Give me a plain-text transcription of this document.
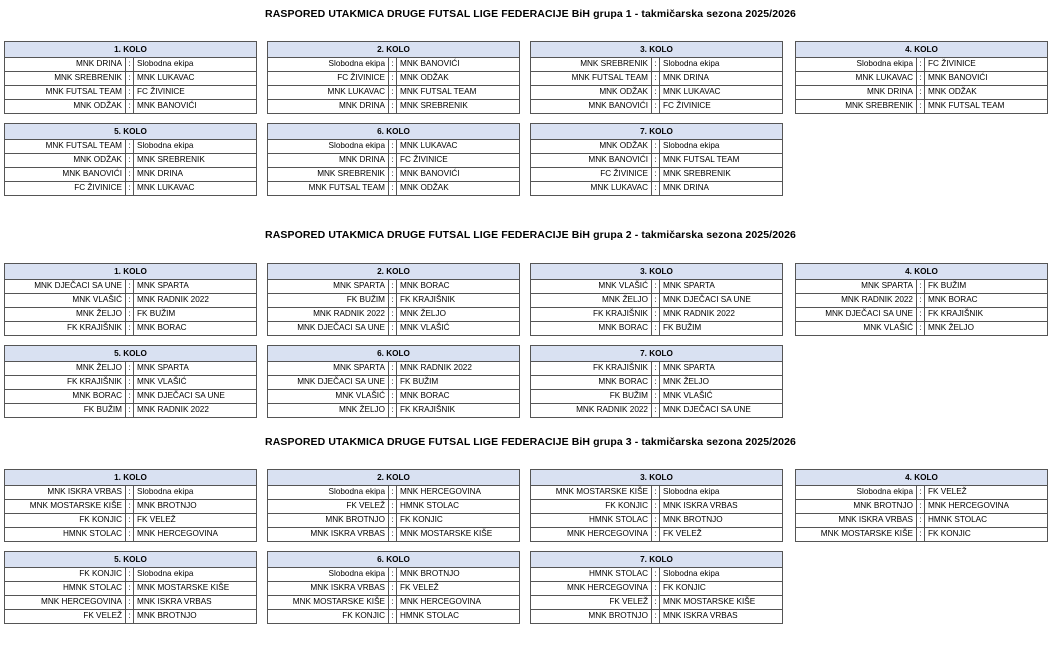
RASPORED UTAKMICA DRUGE FUTSAL LIGE FEDERACIJE BiH grupa 1 - takmičarska sezona 2025/2026
1. KOLO		
MNK DRINA	:	Slobodna ekipa
MNK SREBRENIK	:	MNK LUKAVAC
MNK FUTSAL TEAM	:	FC ŽIVINICE
MNK ODŽAK	:	MNK BANOVIĆI
2. KOLO		
Slobodna ekipa	:	MNK BANOVIĆI
FC ŽIVINICE	:	MNK ODŽAK
MNK LUKAVAC	:	MNK FUTSAL TEAM
MNK DRINA	:	MNK SREBRENIK
3. KOLO		
MNK SREBRENIK	:	Slobodna ekipa
MNK FUTSAL TEAM	:	MNK DRINA
MNK ODŽAK	:	MNK LUKAVAC
MNK BANOVIĆI	:	FC ŽIVINICE
4. KOLO		
Slobodna ekipa	:	FC ŽIVINICE
MNK LUKAVAC	:	MNK BANOVIĆI
MNK DRINA	:	MNK ODŽAK
MNK SREBRENIK	:	MNK FUTSAL TEAM
5. KOLO		
MNK FUTSAL TEAM	:	Slobodna ekipa
MNK ODŽAK	:	MNK SREBRENIK
MNK BANOVIĆI	:	MNK DRINA
FC ŽIVINICE	:	MNK LUKAVAC
6. KOLO		
Slobodna ekipa	:	MNK LUKAVAC
MNK DRINA	:	FC ŽIVINICE
MNK SREBRENIK	:	MNK BANOVIĆI
MNK FUTSAL TEAM	:	MNK ODŽAK
7. KOLO		
MNK ODŽAK	:	Slobodna ekipa
MNK BANOVIĆI	:	MNK FUTSAL TEAM
FC ŽIVINICE	:	MNK SREBRENIK
MNK LUKAVAC	:	MNK DRINA
RASPORED UTAKMICA DRUGE FUTSAL LIGE FEDERACIJE BiH grupa 2 - takmičarska sezona 2025/2026
1. KOLO		
MNK DJEČACI SA UNE	:	MNK SPARTA
MNK VLAŠIĆ	:	MNK RADNIK 2022
MNK ŽELJO	:	FK BUŽIM
FK KRAJIŠNIK	:	MNK BORAC
2. KOLO		
MNK SPARTA	:	MNK BORAC
FK BUŽIM	:	FK KRAJIŠNIK
MNK RADNIK 2022	:	MNK ŽELJO
MNK DJEČACI SA UNE	:	MNK VLAŠIĆ
3. KOLO		
MNK VLAŠIĆ	:	MNK SPARTA
MNK ŽELJO	:	MNK DJEČACI SA UNE
FK KRAJIŠNIK	:	MNK RADNIK 2022
MNK BORAC	:	FK BUŽIM
4. KOLO		
MNK SPARTA	:	FK BUŽIM
MNK RADNIK 2022	:	MNK BORAC
MNK DJEČACI SA UNE	:	FK KRAJIŠNIK
MNK VLAŠIĆ	:	MNK ŽELJO
5. KOLO		
MNK ŽELJO	:	MNK SPARTA
FK KRAJIŠNIK	:	MNK VLAŠIĆ
MNK BORAC	:	MNK DJEČACI SA UNE
FK BUŽIM	:	MNK RADNIK 2022
6. KOLO		
MNK SPARTA	:	MNK RADNIK 2022
MNK DJEČACI SA UNE	:	FK BUŽIM
MNK VLAŠIĆ	:	MNK BORAC
MNK ŽELJO	:	FK KRAJIŠNIK
7. KOLO		
FK KRAJIŠNIK	:	MNK SPARTA
MNK BORAC	:	MNK ŽELJO
FK BUŽIM	:	MNK VLAŠIĆ
MNK RADNIK 2022	:	MNK DJEČACI SA UNE
RASPORED UTAKMICA DRUGE FUTSAL LIGE FEDERACIJE BiH grupa 3 - takmičarska sezona 2025/2026
1. KOLO		
MNK ISKRA VRBAS	:	Slobodna ekipa
MNK MOSTARSKE KIŠE	:	MNK BROTNJO
FK KONJIC	:	FK VELEŽ
HMNK STOLAC	:	MNK HERCEGOVINA
2. KOLO		
Slobodna ekipa	:	MNK HERCEGOVINA
FK VELEŽ	:	HMNK STOLAC
MNK BROTNJO	:	FK KONJIC
MNK ISKRA VRBAS	:	MNK MOSTARSKE KIŠE
3. KOLO		
MNK MOSTARSKE KIŠE	:	Slobodna ekipa
FK KONJIC	:	MNK ISKRA VRBAS
HMNK STOLAC	:	MNK BROTNJO
MNK HERCEGOVINA	:	FK VELEŽ
4. KOLO		
Slobodna ekipa	:	FK VELEŽ
MNK BROTNJO	:	MNK HERCEGOVINA
MNK ISKRA VRBAS	:	HMNK STOLAC
MNK MOSTARSKE KIŠE	:	FK KONJIC
5. KOLO		
FK KONJIC	:	Slobodna ekipa
HMNK STOLAC	:	MNK MOSTARSKE KIŠE
MNK HERCEGOVINA	:	MNK ISKRA VRBAS
FK VELEŽ	:	MNK BROTNJO
6. KOLO		
Slobodna ekipa	:	MNK BROTNJO
MNK ISKRA VRBAS	:	FK VELEŽ
MNK MOSTARSKE KIŠE	:	MNK HERCEGOVINA
FK KONJIC	:	HMNK STOLAC
7. KOLO		
HMNK STOLAC	:	Slobodna ekipa
MNK HERCEGOVINA	:	FK KONJIC
FK VELEŽ	:	MNK MOSTARSKE KIŠE
MNK BROTNJO	:	MNK ISKRA VRBAS
